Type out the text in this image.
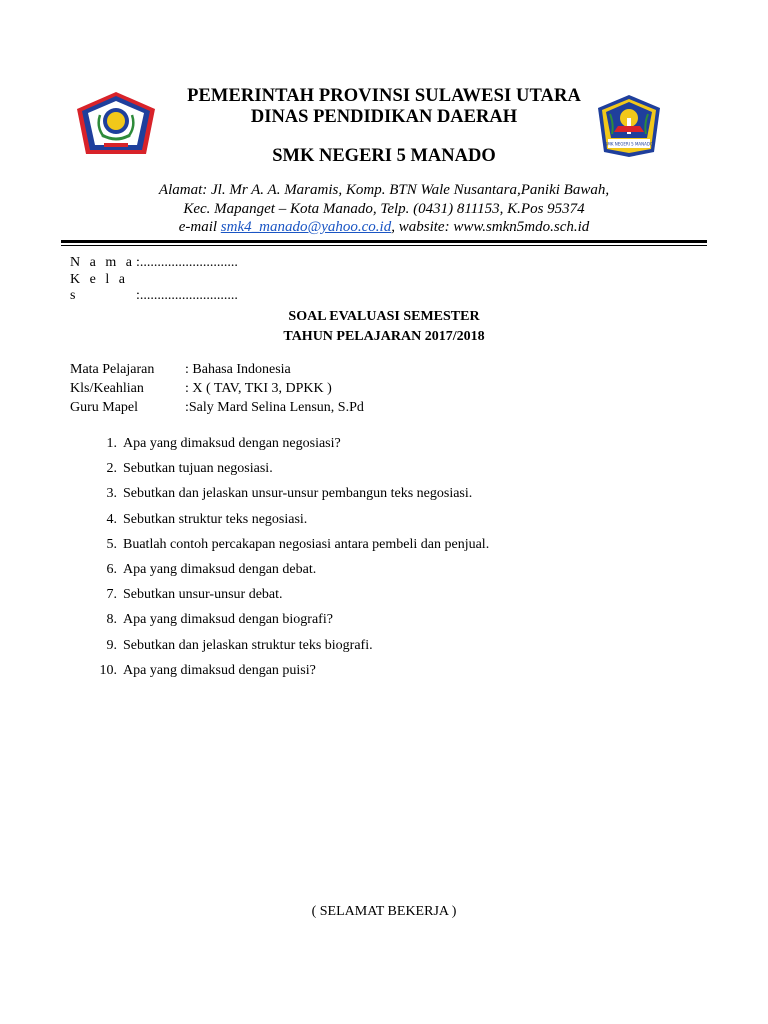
SMK NEGERI 5 MANADO

PEMERINTAH PROVINSI SULAWESI UTARA

DINAS PENDIDIKAN DAERAH

SMK NEGERI 5 MANADO

Alamat: Jl. Mr A. A. Maramis, Komp. BTN Wale Nusantara,Paniki Bawah,

Kec. Mapanget – Kota Manado, Telp. (0431) 811153, K.Pos 95374

e-mail smk4_manado@yahoo.co.id, wabsite: www.smkn5mdo.sch.id

N a m a:............................
K e l a s	:............................

SOAL EVALUASI SEMESTER

TAHUN PELAJARAN 2017/2018

Mata Pelajaran : Bahasa Indonesia
Kls/Keahlian	: X ( TAV, TKI 3, DPKK )
Guru Mapel	:Saly Mard Selina Lensun, S.Pd
1. Apa yang dimaksud dengan negosiasi?
2. Sebutkan tujuan negosiasi.
3. Sebutkan dan jelaskan unsur-unsur pembangun teks negosiasi.
4. Sebutkan struktur teks negosiasi.
5. Buatlah contoh percakapan negosiasi antara pembeli dan penjual.
6. Apa yang dimaksud dengan debat.
7. Sebutkan unsur-unsur debat.
8. Apa yang dimaksud dengan biografi?
9. Sebutkan dan jelaskan struktur teks biografi.
10. Apa yang dimaksud dengan puisi?

( SELAMAT BEKERJA )
